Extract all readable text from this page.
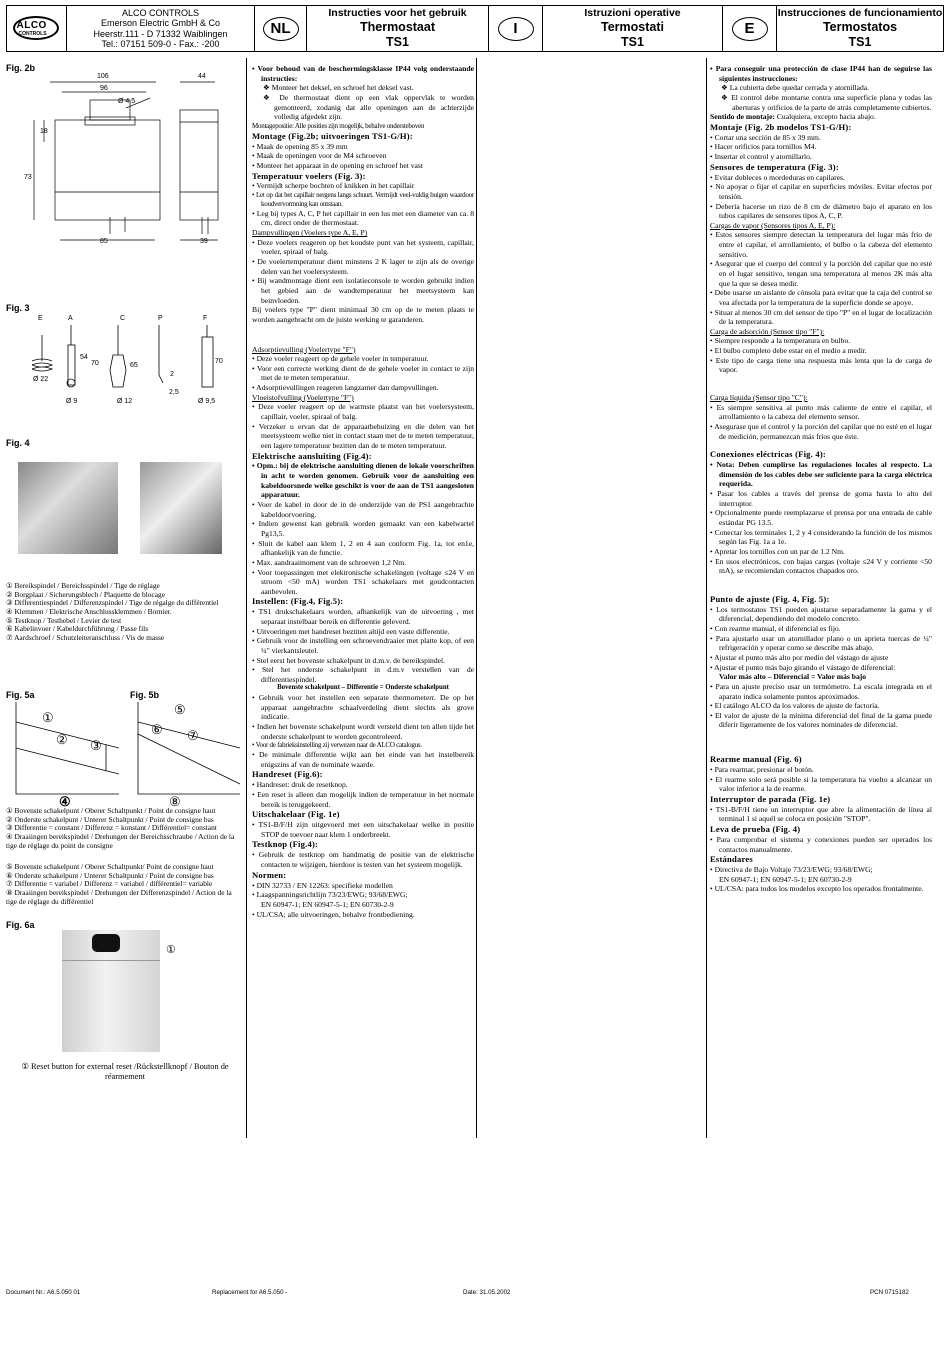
ALCO
CONTROLS
ALCO CONTROLS
Emerson Electric GmbH & Co
Heerstr.111 - D 71332 Waiblingen
Tel.: 07151 509-0 - Fax.: -200
NL
Instructies voor het gebruik
Thermostaat
TS1
I
Istruzioni operative
Termostati
TS1
E
Instrucciones de funcionamiento
Termostatos
TS1
Fig. 2b
106
96
Ø 4,5
44
18
73
85	39
Fig. 3
E	A	C	P	F
Ø 22
54
70
Ø 9
65
Ø 12
2
2,5
70
Ø 9,5
Fig. 4
① Bereikspindel / Bereichsspindel / Tige de réglage
② Borgplaat / Sicherungsblech / Plaquette de blocage
③ Differentiespindel / Differenzspindel / Tige de régalge du différentiel
④ Klemmen / Elektrische Anschlussklemmen / Bornier.
⑤ Testknop / Testhebel / Levier de test
⑥ Kabelinvoer / Kabeldurchführung / Passe fils
⑦ Aardschroef / Schutzleiteranschluss / Vis de masse
Fig. 5a	Fig. 5b
①
② ③
⑤
⑥ ⑦
④	⑧
① Bovenste schakelpunt / Oberer Schaltpunkt / Point de consigne haut
② Onderste schakelpunt / Unterer Schaltpunkt / Point de consigne bas
③ Differentie = constant / Differenz = konstant / Différentiel= constant
④ Draaiingen bereikspindel / Drehungen der Bereichsschraube / Action de la tige de réglage du point de consigne
⑤ Bovenste schakelpunt / Oberer Schaltpunkt/ Point de consigne haut
⑥ Onderste schakelpunt / Unterer Schaltpunkt / Point de consigne bas
⑦ Differentie = variabel / Differenz = variabel / différentiel= variable
⑧ Draaiingen bereikspindel / Drehungen der Differenzspindel / Action de la tige de réglage du différentiel
Fig. 6a
①
① Reset button for external reset /Rückstellknopf / Bouton de réarmement

• Voor behoud van de beschermingsklasse IP44 volg onderstaande instructies:

❖ Monteer het deksel, en schroef het deksel vast.

❖ De thermostaat dient op een vlak oppervlak te worden gemonteerd, zodanig dat alle openingen aan de achterzijde volledig afgedekt zijn.

Montagepositie: Alle posities zijn mogelijk, behalve ondersteboven

Montage (Fig.2b; uitvoeringen TS1-G/H):

• Maak de opening 85 x 39 mm

• Maak de openingen voor de M4 schroeven

• Monteer het apparaat in de opening en schroef het vast

Temperatuur voelers (Fig. 3):

• Vermijdt scherpe bochten of knikken in het capillair

• Let op dat het capillair nergens langs schuurt. Vermijdt veel-vuldig buigen waardoor koudvervormning kan ontstaan.

• Leg bij types A, C, P het capillair in een lus met een diameter van ca. 8 cm, direct onder de thermostaat.

Dampvullingen (Voelers type A, E, P)

• Deze voelers reageren op het koudste punt van het systeem, capillair, voeler, spiraal of balg.

• De voelertemperatuur dient minstens 2 K lager te zijn als de overige delen van het voelersysteem.

• Bij wandmontage dient een isolatieconsole te worden gebruikt indien het gebied aan de wandtemperatuur het meetsysteem kan beinvloeden.

Bij voelers type "P" dient minimaal 30 cm op de te meten plaats te worden aangebracht om de juiste werking te garanderen.

Adsorptievulling (Voelertype "F")

• Deze voeler reageert op de gehele voeler in temperatuur.

• Voor een correcte werking dient de de gehele voeler in contact te zijn met de te meten temperatuur.

• Adsorptievullingen reageren langzamer dan dampvullingen.

Vloeistofvulling (Voelertype "F")

• Deze voeler reageert op de warmste plaatst van het voelersysteem, capillair, voeler, spiraal of balg.

• Verzeker u ervan dat de apparaatbehuizing en die delen van het meetsysteem welke niet in contact staan met de te meten temperatuur, een lagere temperatuur bezitten dan de te meten temperatuur.

Elektrische aansluiting (Fig.4):

• Opm.: bij de elektrische aansluiting dienen de lokale voorschriften in acht te worden genomen. Gebruik voor de aansluiting een kabeldoorsnede welke geschikt is voor de aan de TS1 aangesloten apparatuur.

• Voer de kabel in door de in de onderzijde van de PS1 aangebrachte kabeldoorvoering.

• Indien gewenst kan gebruik worden gemaakt van een kabelwartel Pg13,5.

• Sluit de kabel aan klem 1, 2 en 4 aan conform Fig. 1a, tot en1e, afhankelijk van de functie.

• Max. aandraaimoment van de schroeven 1,2 Nm.

• Voor toepassingen met elektronische schakelingen (voltage ≤24 V en stroom <50 mA) worden TS1 schakelaars met goudcontacten aanbevolen.

Instellen: (Fig.4, Fig.5):

• TS1 drukschakelaars worden, afhankelijk van de uitvoering , met separaat instelbaar bereik en differentie geleverd.

• Uitvoeringen met handreset beztiten altijd een vaste differentie.

• Gebruik voor de instelling een schroevendraaier met platte kop, of een ¼" vierkantsleutel.

• Stel eerst het bovenste schakelpunt in d.m.v. de bereikspindel.

• Stel het onderste schakelpunt in d.m.v verstellen van de differentiespindel.

Bovenste schakelpunt – Differentie = Onderste schakelpunt

• Gebruik voor het instellen een separate thermometerr. De op het apparaat aangebrachte schaalverdeling dient slechts als grove indicatie.

• Indien het bovenste schakelpunt wordt versteld dient ten allen tijde het onderste schakelpunt te worden gecontroleerd.

• Voor de fabrieksinstelling zij verwezen naar de ALCO catalogus.

• De minimale differentie wijkt aan het einde van het instelbereik enigszins af van de nominale waarde.

Handreset (Fig.6):

• Handreset: druk de resetknop.

• Een reset is alleen dan mogelijk indien de temperatuur in het normale bereik is teruggekeerd.

Uitschakelaar (Fig. 1e)

• TS1-B/F/H zijn uitgevoerd met een uitschakelaar welke in positie STOP de toevoer naar klem 1 onderbreekt.

Testknop (Fig.4):

• Gebruik de testknop om handmatig de positie van de elektrische contacten te wijzigen, hierdoor is testen van het systeem mogelijk.

Normen:

• DIN 32733 / EN 12263: specifieke modellen

• Laagspanningsrichtlijn 73/23/EWG; 93/68/EWG;

EN 60947-1; EN 60947-5-1; EN 60730-2-9

• UL/CSA; alle uitvoeringen, behalve frontbediening.

• Para conseguir una protección de clase IP44 han de seguirse las siguientes instrucciones:

❖ La cubierta debe quedar cerrada y atornillada.

❖ El control debe montarse contra una superficie plana y todas las aberturas y orificios de la parte de atrás completamente cubiertos.

Sentido de montaje: Cualquiera, excepto hacia abajo.

Montaje (Fig. 2b modelos TS1-G/H):

• Cortar una sección de 85 x 39 mm.

• Hacer orificios para tornillos M4.

• Insertar el control y atornillarlo.

Sensores de temperatura (Fig. 3):

• Evitar dobleces o mordeduras en capilares.

• No apoyar o fijar el capilar en superficies móviles. Evitar efectos por tensión.

• Debería hacerse un rizo de 8 cm de diámetro bajo el aparato en los tubos capilares de sensores tipos A, C, P.

Cargas de vapor (Sensores tipos A, E, P):

• Estos sensores siempre detectan la temperatura del lugar más frío de entre el capilar, el arrollamiento, el bulbo o la cabeza del elemento sensitivo.

• Asegurar que el cuerpo del control y la porción del capilar que no esté en el lugar sensitivo, tengan una temperatura al menos 2K más alta que la que se desea medir.

• Debe usarse un aislante de cónsola para evitar que la caja del control se vea afectada por la temperatura de la superficie donde se apoye.

• Situar al menos 30 cm del sensor de tipo "P" en el lugar de localización de la temperatura.

Carga de adsorción (Sensor tipo "F"):

• Siempre responde a la temperatura en bulbo.

• El bulbo completo debe estar en el medio a medir.

• Este tipo de carga tiene una respuesta más lenta que la de carga de vapor.

Carga líquida (Sensor tipo "C"):

• Es siempre sensitiva al punto más caliente de entre el capilar, el arrollamiento o la cabeza del elemento sensor.

• Asegurase que el control y la porción del capilar que no esté en el lugar de medición, permanezcan más fríos que éste.

Conexiones eléctricas (Fig. 4):

• Nota: Deben cumplirse las regulaciones locales al respecto. La dimensión de los cables debe ser suficiente para la carga eléctrica requerida.

• Pasar los cables a través del prensa de goma hasta lo alto del interruptor.

• Opcionalmente puede reemplazarse el prensa por una entrada de cable estándar PG 13.5.

• Conectar los terminales 1, 2 y 4 considerando la función de los mismos según las Fig. 1a a 1e.

• Apretar los tornillos con un par de 1.2 Nm.

• En usos electrónicos, con bajas cargas (voltaje ≤24 V y corriente <50 mA), se recomiendan contactos chapados oro.

Punto de ajuste (Fig. 4, Fig. 5):

• Los termostatos TS1 pueden ajustarse separadamente la gama y el diferencial, dependiendo del modelo concreto.

• Con rearme manual, el diferencial es fijo.

• Para ajustarlo usar un atornillador plano o un aprieta tuercas de ¼" refrigeración y operar como se describe más abajo.

• Ajustar el punto más alto por medio del vástago de ajuste

• Ajustar el punto más bajo girando el vástago de diferencial:

Valor más alto – Diferencial = Valor más bajo

• Para un ajuste preciso usar un termómetro. La escala integrada en el aparato indica solamente puntos aproximados.

• El catálogo ALCO da los valores de ajuste de factoría.

• El valor de ajuste de la mínima diferencial del final de la gama puede diferir ligeramente de los valores nominales de diferencial.

Rearme manual (Fig. 6)

• Para rearmar, presionar el botón.

• El rearme solo será posible si la temperatura ha vuelto a alcanzar un valor inferior a la de rearme.

Interruptor de parada (Fig. 1e)

• TS1-B/F/H tiene un interruptor que abre la alimentación de línea al terminal 1 si aquél se coloca en posición "STOP".

Leva de prueba (Fig. 4)

• Para comprobar el sistema y conexiones pueden ser operados los contactos manualmente.

Estándares

• Directiva de Bajo Voltaje 73/23/EWG; 93/68/EWG;

EN 60947-1; EN 60947-5-1; EN 60730-2-9

• UL/CSA: para todos los modelos excepto los operados frontalmente.

Document Nr.: A6.5.050 01	Replacement for A6.5.050 -	Date: 31.05.2002	PCN 0715182
